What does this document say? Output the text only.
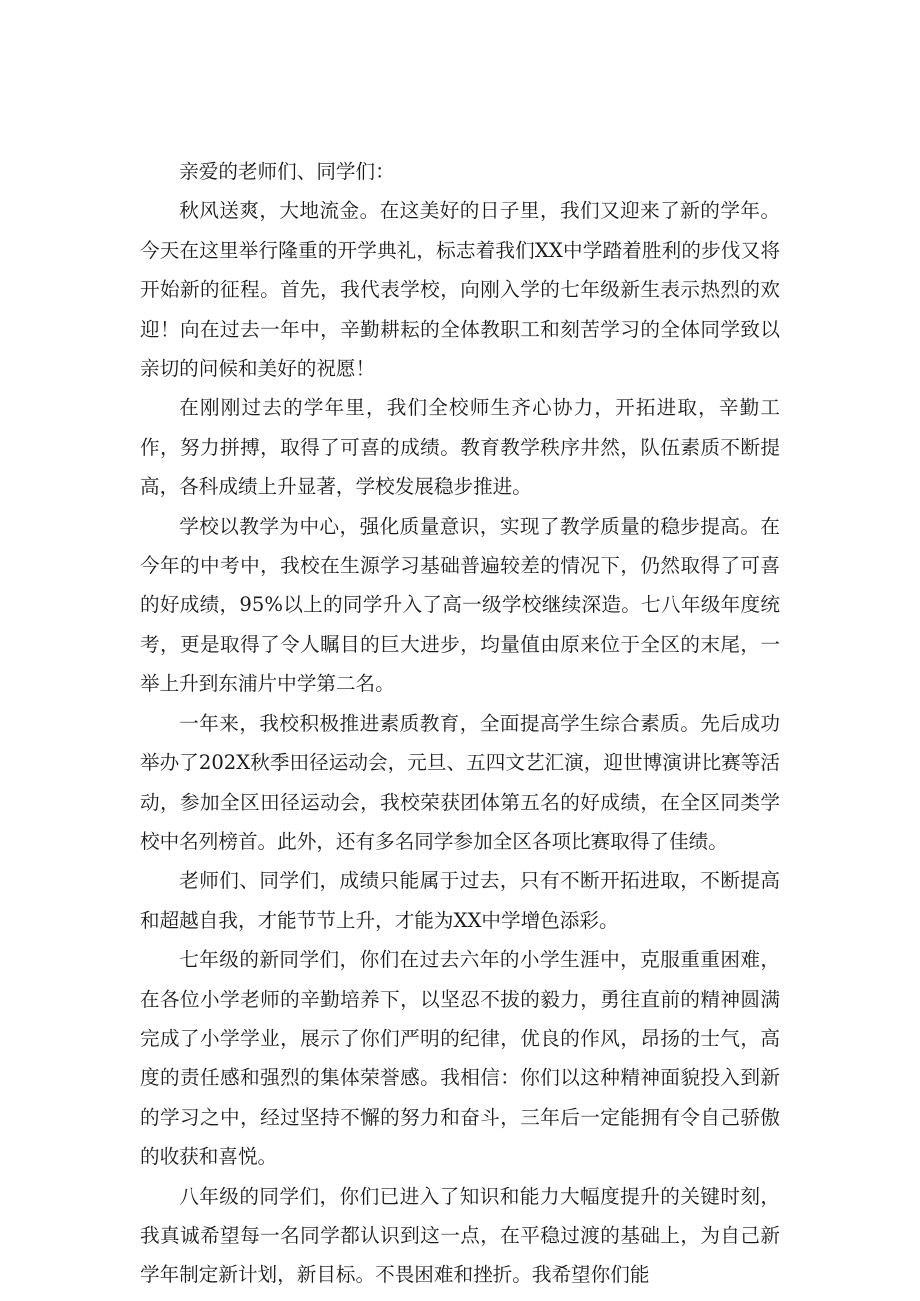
亲爱的老师们、同学们：

秋风送爽，大地流金。在这美好的日子里，我们又迎来了新的学年。今天在这里举行隆重的开学典礼，标志着我们XX中学踏着胜利的步伐又将开始新的征程。首先，我代表学校，向刚入学的七年级新生表示热烈的欢迎！向在过去一年中，辛勤耕耘的全体教职工和刻苦学习的全体同学致以亲切的问候和美好的祝愿！

在刚刚过去的学年里，我们全校师生齐心协力，开拓进取，辛勤工作，努力拼搏，取得了可喜的成绩。教育教学秩序井然，队伍素质不断提高，各科成绩上升显著，学校发展稳步推进。

学校以教学为中心，强化质量意识，实现了教学质量的稳步提高。在今年的中考中，我校在生源学习基础普遍较差的情况下，仍然取得了可喜的好成绩，95%以上的同学升入了高一级学校继续深造。七八年级年度统考，更是取得了令人瞩目的巨大进步，均量值由原来位于全区的末尾，一举上升到东浦片中学第二名。

一年来，我校积极推进素质教育，全面提高学生综合素质。先后成功举办了202X秋季田径运动会，元旦、五四文艺汇演，迎世博演讲比赛等活动，参加全区田径运动会，我校荣获团体第五名的好成绩，在全区同类学校中名列榜首。此外，还有多名同学参加全区各项比赛取得了佳绩。

老师们、同学们，成绩只能属于过去，只有不断开拓进取，不断提高和超越自我，才能节节上升，才能为XX中学增色添彩。

七年级的新同学们，你们在过去六年的小学生涯中，克服重重困难，在各位小学老师的辛勤培养下，以坚忍不拔的毅力，勇往直前的精神圆满完成了小学学业，展示了你们严明的纪律，优良的作风，昂扬的士气，高度的责任感和强烈的集体荣誉感。我相信：你们以这种精神面貌投入到新的学习之中，经过坚持不懈的努力和奋斗，三年后一定能拥有令自己骄傲的收获和喜悦。

八年级的同学们，你们已进入了知识和能力大幅度提升的关键时刻，我真诚希望每一名同学都认识到这一点，在平稳过渡的基础上，为自己新学年制定新计划，新目标。不畏困难和挫折。我希望你们能
